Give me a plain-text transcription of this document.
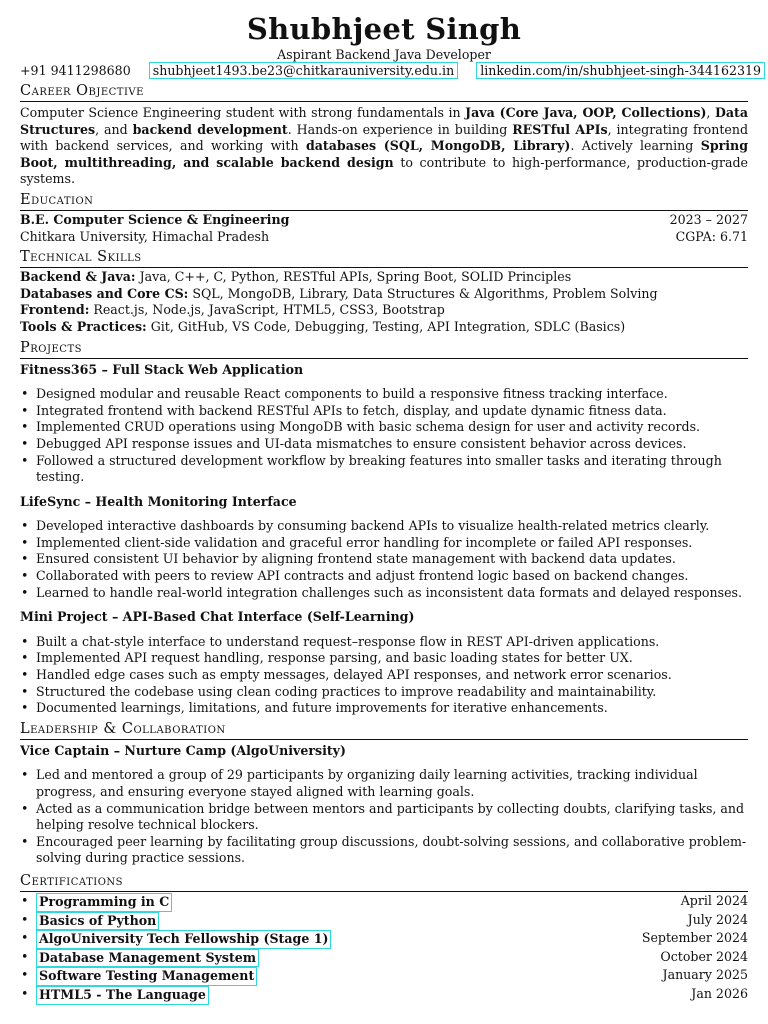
Shubhjeet Singh
Aspirant Backend Java Developer
+91 9411298680 shubhjeet1493.be23@chitkarauniversity.edu.in linkedin.com/in/shubhjeet-singh-344162319
Career Objective
Computer Science Engineering student with strong fundamentals in Java (Core Java, OOP, Collections), Data Structures, and backend development. Hands-on experience in building RESTful APIs, integrating frontend with backend services, and working with databases (SQL, MongoDB, Library). Actively learning Spring Boot, multithreading, and scalable backend design to contribute to high-performance, production-grade systems.
Education
B.E. Computer Science & Engineering	2023 – 2027
Chitkara University, Himachal Pradesh	CGPA: 6.71
Technical Skills
Backend & Java: Java, C++, C, Python, RESTful APIs, Spring Boot, SOLID Principles
Databases and Core CS: SQL, MongoDB, Library, Data Structures & Algorithms, Problem Solving
Frontend: React.js, Node.js, JavaScript, HTML5, CSS3, Bootstrap
Tools & Practices: Git, GitHub, VS Code, Debugging, Testing, API Integration, SDLC (Basics)
Projects
Fitness365 – Full Stack Web Application
• Designed modular and reusable React components to build a responsive fitness tracking interface.
• Integrated frontend with backend RESTful APIs to fetch, display, and update dynamic fitness data.
• Implemented CRUD operations using MongoDB with basic schema design for user and activity records.
• Debugged API response issues and UI-data mismatches to ensure consistent behavior across devices.
• Followed a structured development workflow by breaking features into smaller tasks and iterating through testing.
LifeSync – Health Monitoring Interface
• Developed interactive dashboards by consuming backend APIs to visualize health-related metrics clearly.
• Implemented client-side validation and graceful error handling for incomplete or failed API responses.
• Ensured consistent UI behavior by aligning frontend state management with backend data updates.
• Collaborated with peers to review API contracts and adjust frontend logic based on backend changes.
• Learned to handle real-world integration challenges such as inconsistent data formats and delayed responses.
Mini Project – API-Based Chat Interface (Self-Learning)
• Built a chat-style interface to understand request–response flow in REST API-driven applications.
• Implemented API request handling, response parsing, and basic loading states for better UX.
• Handled edge cases such as empty messages, delayed API responses, and network error scenarios.
• Structured the codebase using clean coding practices to improve readability and maintainability.
• Documented learnings, limitations, and future improvements for iterative enhancements.
Leadership & Collaboration
Vice Captain – Nurture Camp (AlgoUniversity)
• Led and mentored a group of 29 participants by organizing daily learning activities, tracking individual progress, and ensuring everyone stayed aligned with learning goals.
• Acted as a communication bridge between mentors and participants by collecting doubts, clarifying tasks, and helping resolve technical blockers.
• Encouraged peer learning by facilitating group discussions, doubt-solving sessions, and collaborative problem-solving during practice sessions.
Certifications
• Programming in C	April 2024
• Basics of Python	July 2024
• AlgoUniversity Tech Fellowship (Stage 1)	September 2024
• Database Management System	October 2024
• Software Testing Management	January 2025
• HTML5 - The Language	Jan 2026
